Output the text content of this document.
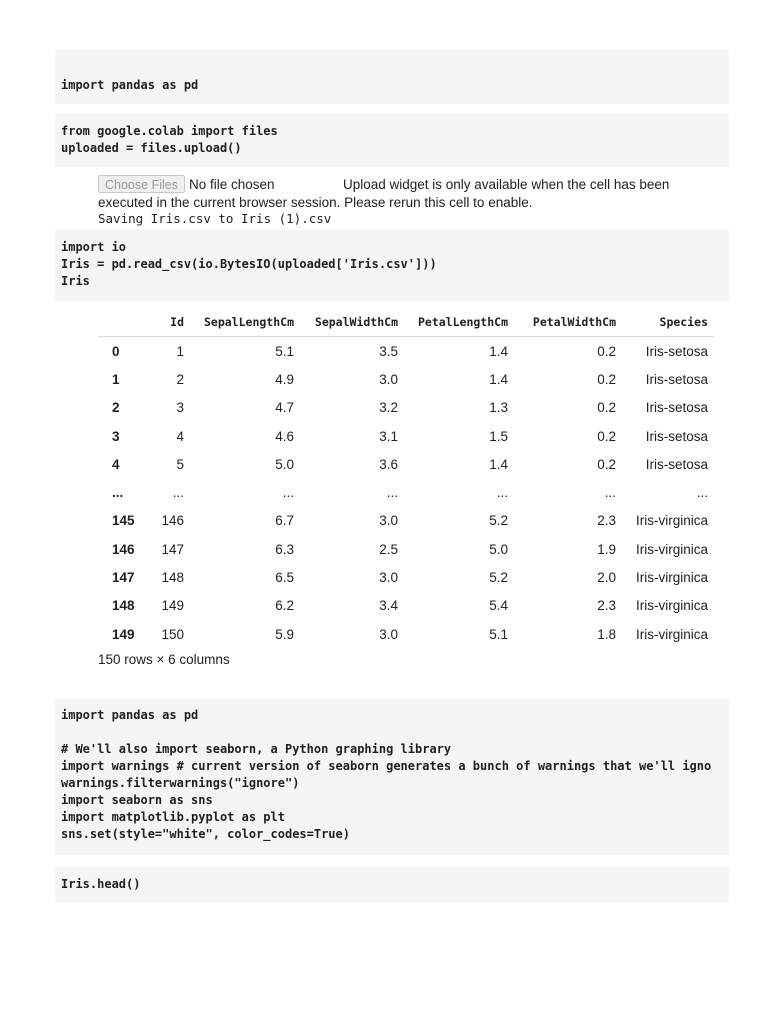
import pandas as pd
from google.colab import files
uploaded = files.upload()
Choose Files No file chosen	Upload widget is only available when the cell has been
executed in the current browser session. Please rerun this cell to enable.
Saving Iris.csv to Iris (1).csv
import io
Iris = pd.read_csv(io.BytesIO(uploaded['Iris.csv']))
Iris
	Id	SepalLengthCm	SepalWidthCm	PetalLengthCm	PetalWidthCm	Species
0	1	5.1	3.5	1.4	0.2	Iris-setosa
1	2	4.9	3.0	1.4	0.2	Iris-setosa
2	3	4.7	3.2	1.3	0.2	Iris-setosa
3	4	4.6	3.1	1.5	0.2	Iris-setosa
4	5	5.0	3.6	1.4	0.2	Iris-setosa
...	...	...	...	...	...	...
145	146	6.7	3.0	5.2	2.3	Iris-virginica
146	147	6.3	2.5	5.0	1.9	Iris-virginica
147	148	6.5	3.0	5.2	2.0	Iris-virginica
148	149	6.2	3.4	5.4	2.3	Iris-virginica
149	150	5.9	3.0	5.1	1.8	Iris-virginica
150 rows × 6 columns
import pandas as pd
# We'll also import seaborn, a Python graphing library
import warnings # current version of seaborn generates a bunch of warnings that we'll igno
warnings.filterwarnings("ignore")
import seaborn as sns
import matplotlib.pyplot as plt
sns.set(style="white", color_codes=True)
Iris.head()
